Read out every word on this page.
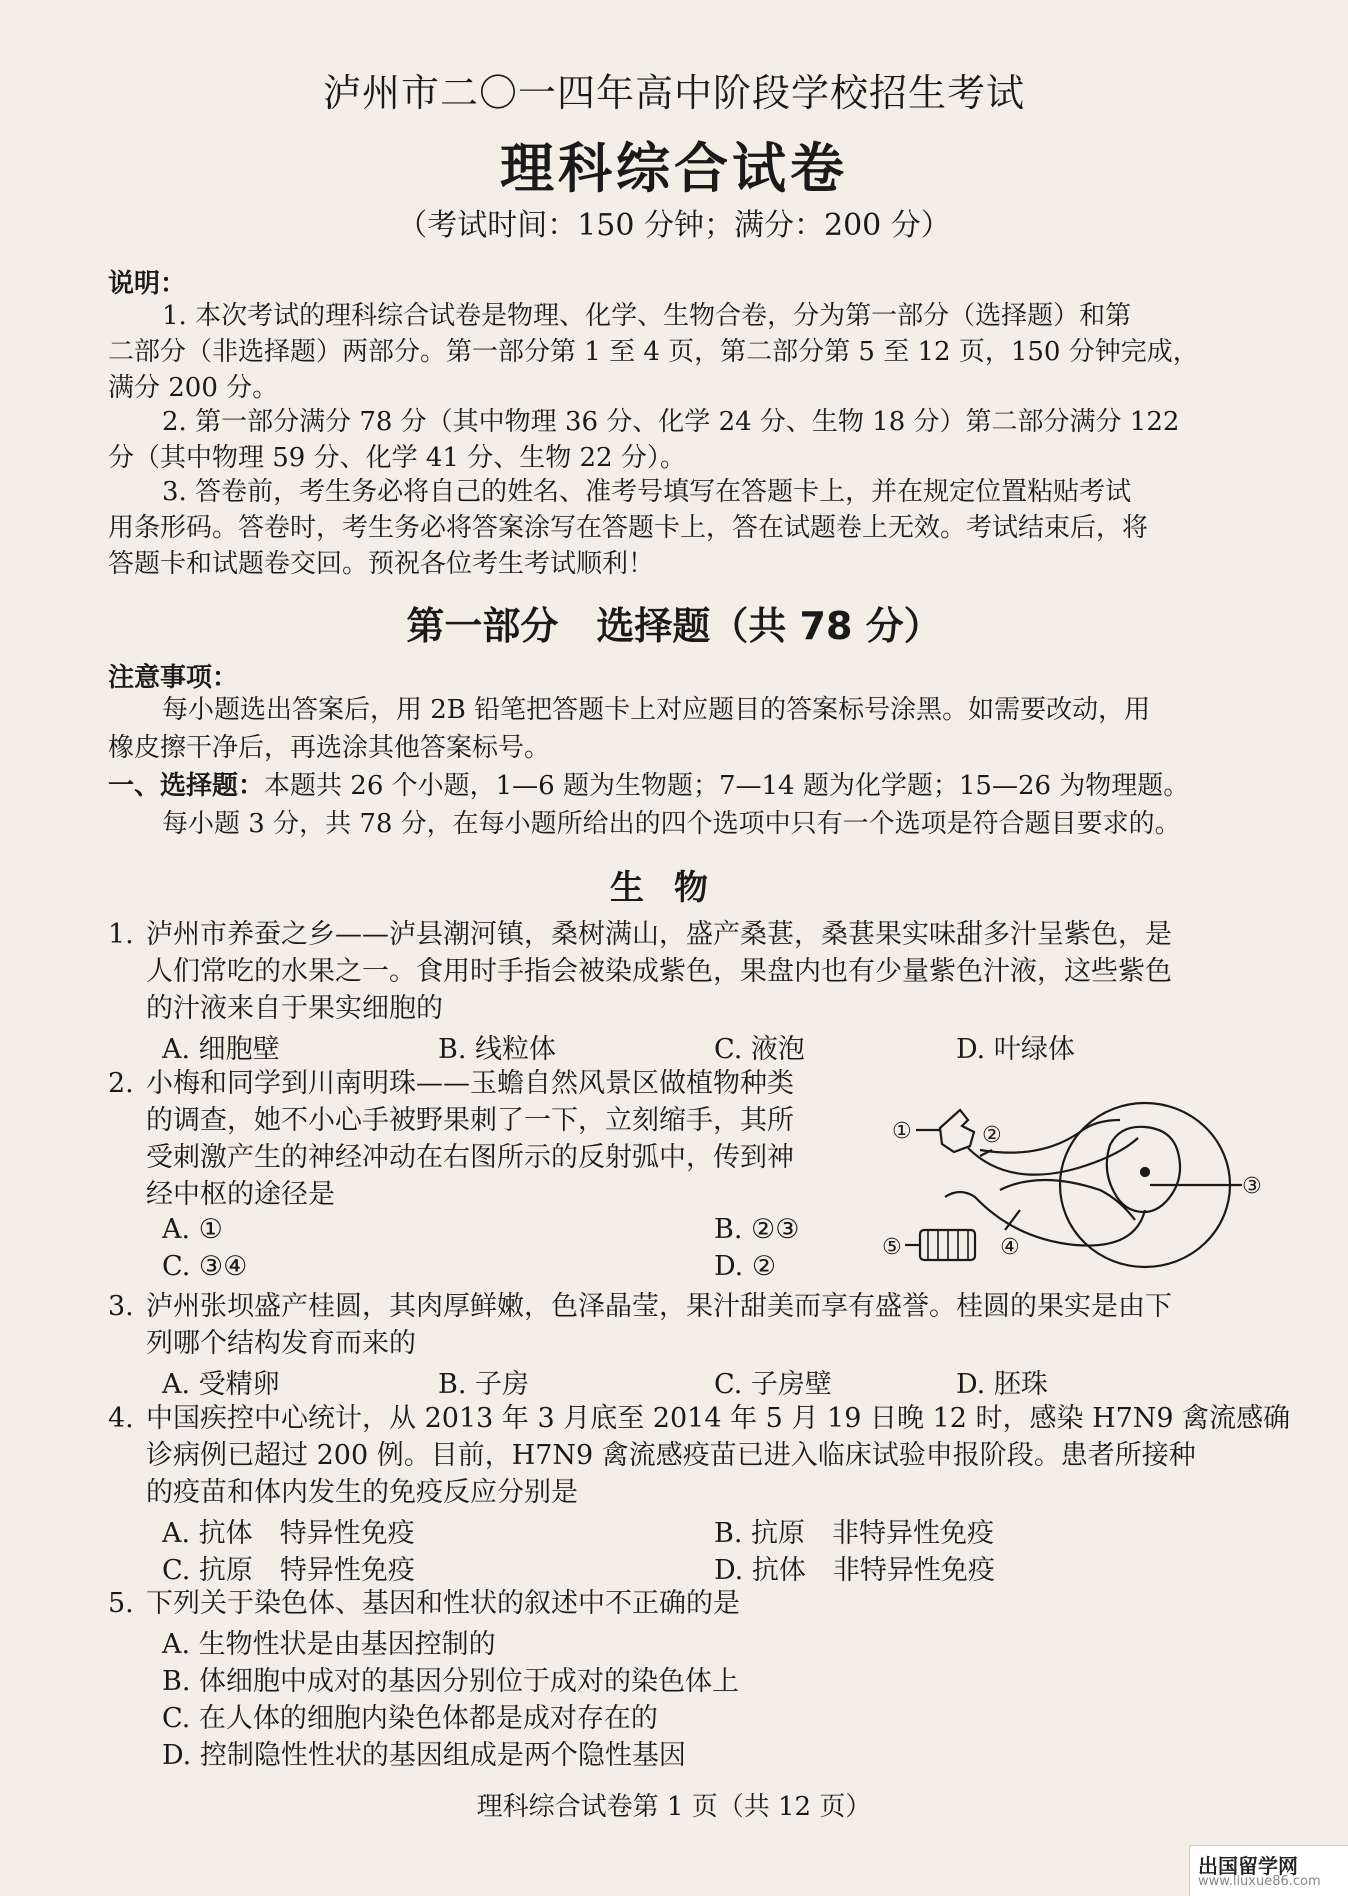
泸州市二〇一四年高中阶段学校招生考试
理科综合试卷
（考试时间：150 分钟；满分：200 分）
说明：
1. 本次考试的理科综合试卷是物理、化学、生物合卷，分为第一部分（选择题）和第
二部分（非选择题）两部分。第一部分第 1 至 4 页，第二部分第 5 至 12 页，150 分钟完成，
满分 200 分。
2. 第一部分满分 78 分（其中物理 36 分、化学 24 分、生物 18 分）第二部分满分 122
分（其中物理 59 分、化学 41 分、生物 22 分）。
3. 答卷前，考生务必将自己的姓名、准考号填写在答题卡上，并在规定位置粘贴考试
用条形码。答卷时，考生务必将答案涂写在答题卡上，答在试题卷上无效。考试结束后，将
答题卡和试题卷交回。预祝各位考生考试顺利！
第一部分　选择题（共 78 分）
注意事项：
每小题选出答案后，用 2B 铅笔把答题卡上对应题目的答案标号涂黑。如需要改动，用
橡皮擦干净后，再选涂其他答案标号。
一、选择题：本题共 26 个小题，1—6 题为生物题；7—14 题为化学题；15—26 为物理题。
每小题 3 分，共 78 分，在每小题所给出的四个选项中只有一个选项是符合题目要求的。
生物
1. 泸州市养蚕之乡——泸县潮河镇，桑树满山，盛产桑葚，桑葚果实味甜多汁呈紫色，是
人们常吃的水果之一。食用时手指会被染成紫色，果盘内也有少量紫色汁液，这些紫色
的汁液来自于果实细胞的
A. 细胞壁	B. 线粒体	C. 液泡	D. 叶绿体
2. 小梅和同学到川南明珠——玉蟾自然风景区做植物种类
的调查，她不小心手被野果刺了一下，立刻缩手，其所
受刺激产生的神经冲动在右图所示的反射弧中，传到神
经中枢的途径是
A. ①	B. ②③
C. ③④	D. ②
①	②
③
④
⑤
3. 泸州张坝盛产桂圆，其肉厚鲜嫩，色泽晶莹，果汁甜美而享有盛誉。桂圆的果实是由下
列哪个结构发育而来的
A. 受精卵	B. 子房	C. 子房壁	D. 胚珠
4. 中国疾控中心统计，从 2013 年 3 月底至 2014 年 5 月 19 日晚 12 时，感染 H7N9 禽流感确
诊病例已超过 200 例。目前，H7N9 禽流感疫苗已进入临床试验申报阶段。患者所接种
的疫苗和体内发生的免疫反应分别是
A. 抗体　特异性免疫	B. 抗原　非特异性免疫
C. 抗原　特异性免疫	D. 抗体　非特异性免疫
5. 下列关于染色体、基因和性状的叙述中不正确的是
A. 生物性状是由基因控制的
B. 体细胞中成对的基因分别位于成对的染色体上
C. 在人体的细胞内染色体都是成对存在的
D. 控制隐性性状的基因组成是两个隐性基因
理科综合试卷第 1 页（共 12 页）
出国留学网
www.liuxue86.com
